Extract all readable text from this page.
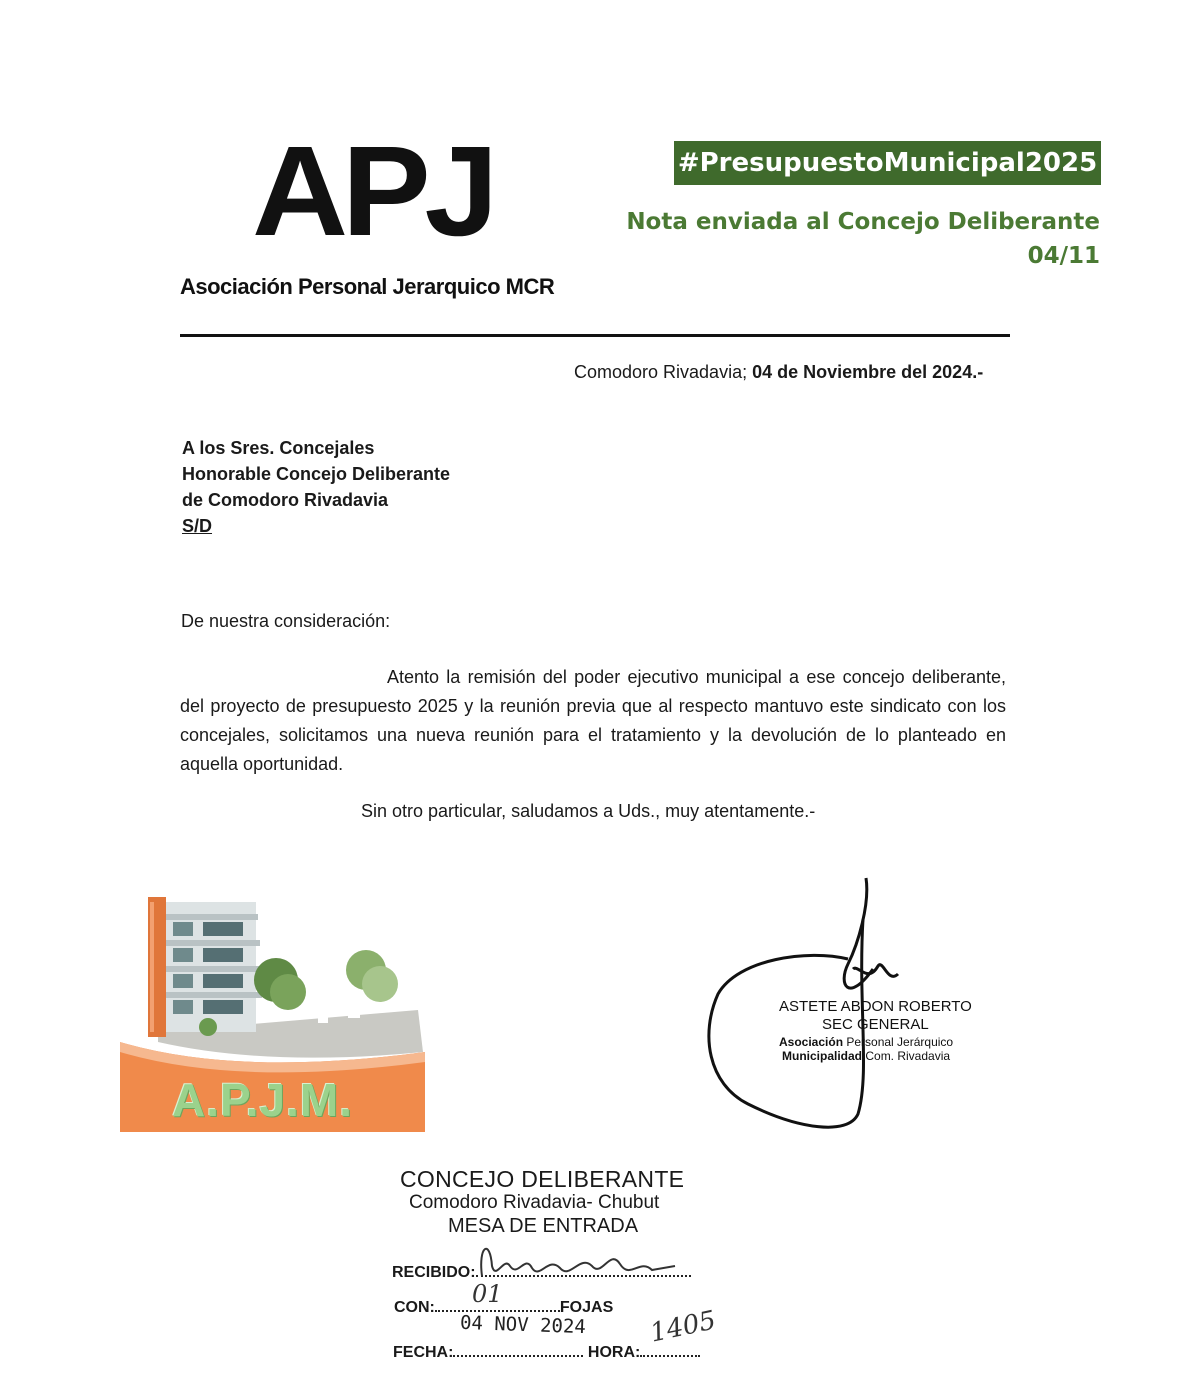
APJ
Asociación Personal Jerarquico MCR
#PresupuestoMunicipal2025
Nota enviada al Concejo Deliberante
04/11
Comodoro Rivadavia; 04 de Noviembre del 2024.-
A los Sres. Concejales
Honorable Concejo Deliberante
de Comodoro Rivadavia
S/D
De nuestra consideración:
Atento la remisión del poder ejecutivo municipal a ese concejo deliberante, del proyecto de presupuesto 2025 y la reunión previa que al respecto mantuvo este sindicato con los concejales, solicitamos una nueva reunión para el tratamiento y la devolución de lo planteado en aquella oportunidad.
Sin otro particular, saludamos a Uds., muy atentamente.-
A.P.J.M.
ASTETE ABDON ROBERTO
SEC GENERAL
Asociación Personal Jerárquico
Municipalidad Com. Rivadavia
CONCEJO DELIBERANTE
Comodoro Rivadavia- Chubut
MESA DE ENTRADA
RECIBIDO:
CON:	FOJAS
01
04 NOV 2024
FECHA:	HORA:
1405
